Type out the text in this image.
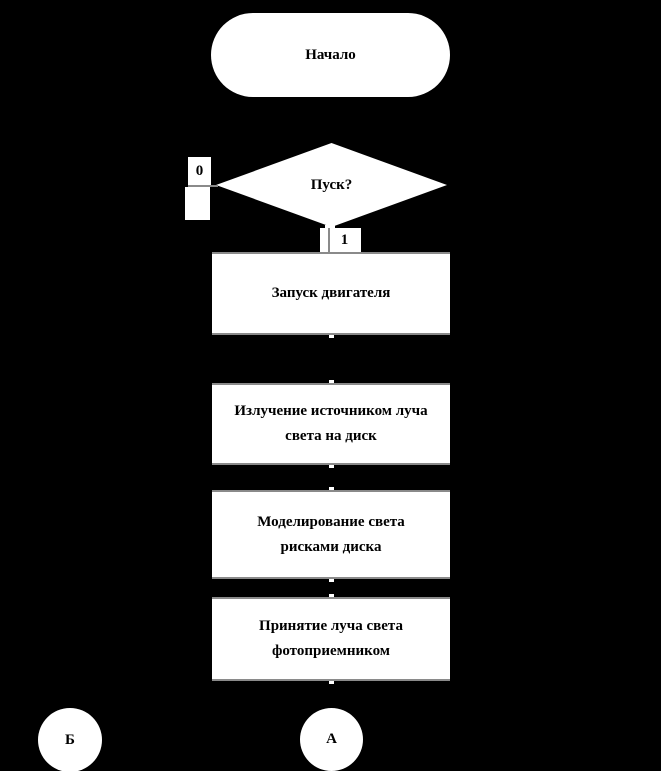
Начало
Пуск?
0
1
Запуск двигателя
Излучение источником луча света на диск
Моделирование света рисками диска
Принятие луча света фотоприемником
Б	А
